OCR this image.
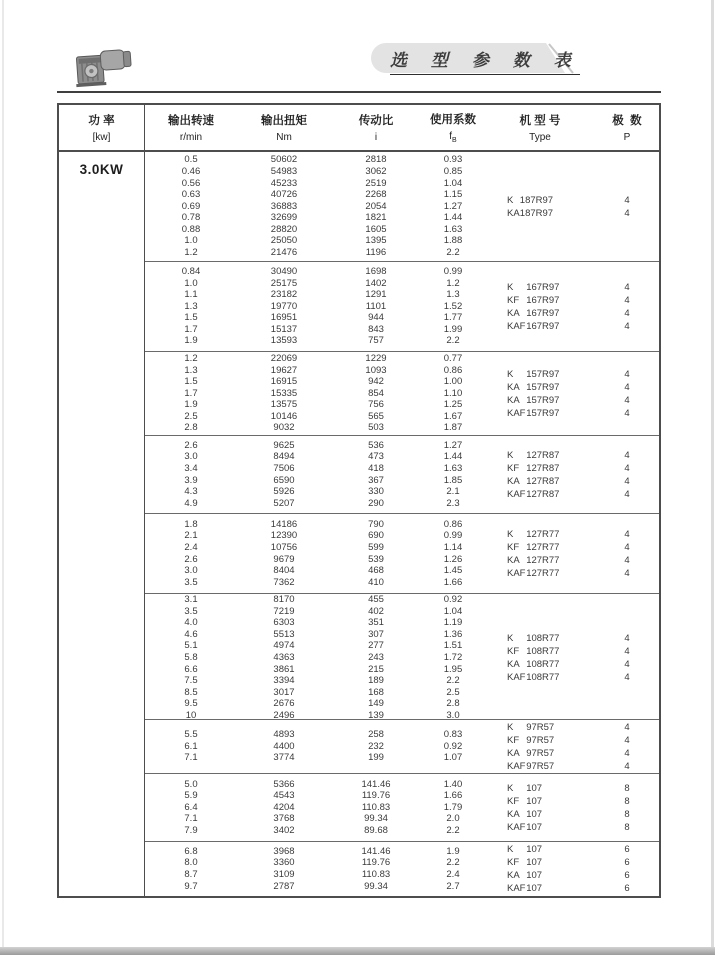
选 型 参 数 表
功 率
[kw]
输出转速
r/min
输出扭矩
Nm
传动比
i
使用系数
$f_B$
机 型 号
Type
极  数
P
3.0KW
0.5
0.46
0.56
0.63
0.69
0.78
0.88
1.0
1.2
50602
54983
45233
40726
36883
32699
28820
25050
21476
2818
3062
2519
2268
2054
1821
1605
1395
1196
0.93
0.85
1.04
1.15
1.27
1.44
1.63
1.88
2.2
K 187R97
KA187R97
4
4
0.84
1.0
1.1
1.3
1.5
1.7
1.9
30490
25175
23182
19770
16951
15137
13593
1698
1402
1291
1101
944
843
757
0.99
1.2
1.3
1.52
1.77
1.99
2.2
K 167R97
KF 167R97
KA 167R97
KAF167R97
4
4
4
4
1.2
1.3
1.5
1.7
1.9
2.5
2.8
22069
19627
16915
15335
13575
10146
9032
1229
1093
942
854
756
565
503
0.77
0.86
1.00
1.10
1.25
1.67
1.87
K 157R97
KA 157R97
KA 157R97
KAF157R97
4
4
4
4
2.6
3.0
3.4
3.9
4.3
4.9
9625
8494
7506
6590
5926
5207
536
473
418
367
330
290
1.27
1.44
1.63
1.85
2.1
2.3
K 127R87
KF 127R87
KA 127R87
KAF127R87
4
4
4
4
1.8
2.1
2.4
2.6
3.0
3.5
14186
12390
10756
9679
8404
7362
790
690
599
539
468
410
0.86
0.99
1.14
1.26
1.45
1.66
K 127R77
KF 127R77
KA 127R77
KAF127R77
4
4
4
4
3.1
3.5
4.0
4.6
5.1
5.8
6.6
7.5
8.5
9.5
10
8170
7219
6303
5513
4974
4363
3861
3394
3017
2676
2496
455
402
351
307
277
243
215
189
168
149
139
0.92
1.04
1.19
1.36
1.51
1.72
1.95
2.2
2.5
2.8
3.0
K 108R77
KF 108R77
KA 108R77
KAF108R77
4
4
4
4
5.5
6.1
7.1
4893
4400
3774
258
232
199
0.83
0.92
1.07
K 97R57
KF 97R57
KA 97R57
KAF97R57
4
4
4
4
5.0
5.9
6.4
7.1
7.9
5366
4543
4204
3768
3402
141.46
119.76
110.83
99.34
89.68
1.40
1.66
1.79
2.0
2.2
K 107
KF 107
KA 107
KAF107
8
8
8
8
6.8
8.0
8.7
9.7
3968
3360
3109
2787
141.46
119.76
110.83
99.34
1.9
2.2
2.4
2.7
K 107
KF 107
KA 107
KAF107
6
6
6
6
